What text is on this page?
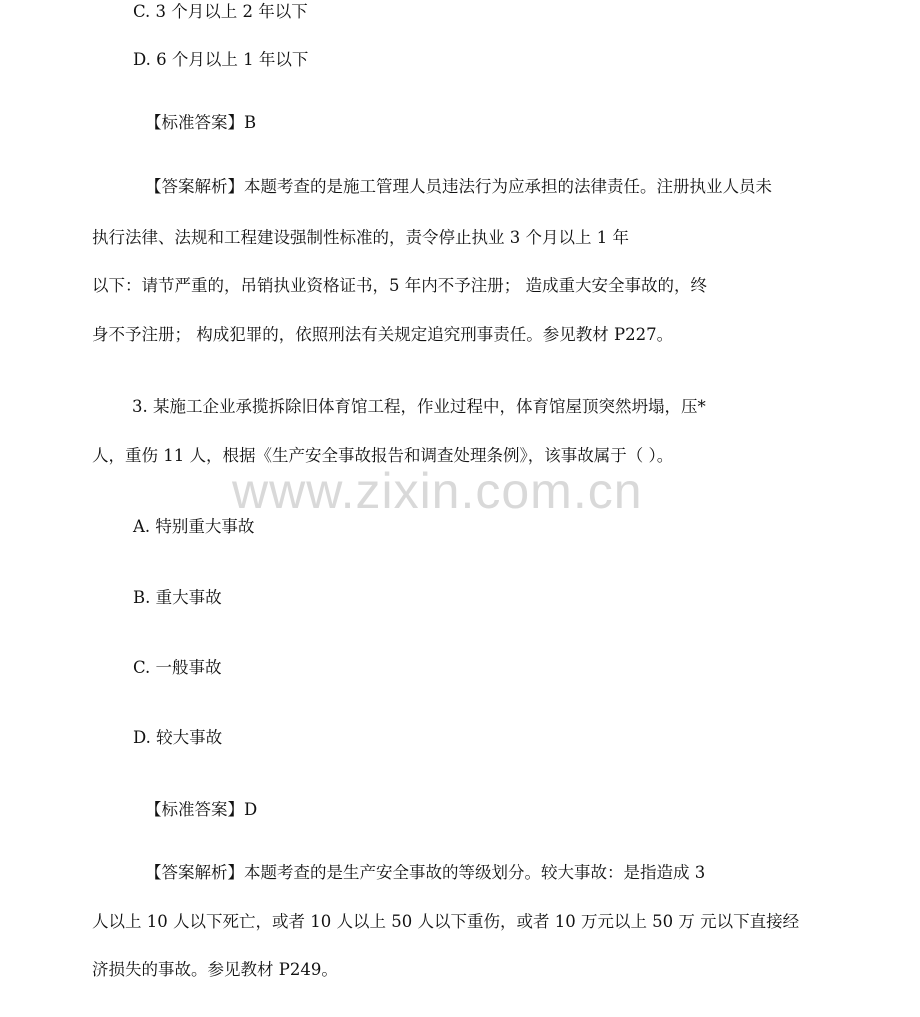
C. 3 个月以上 2 年以下
D. 6 个月以上 1 年以下
【标准答案】B
【答案解析】本题考查的是施工管理人员违法行为应承担的法律责任。注册执业人员未
执行法律、法规和工程建设强制性标准的，责令停止执业 3 个月以上 1 年
以下：请节严重的，吊销执业资格证书，5 年内不予注册； 造成重大安全事故的，终
身不予注册； 构成犯罪的，依照刑法有关规定追究刑事责任。参见教材 P227。
3. 某施工企业承揽拆除旧体育馆工程，作业过程中，体育馆屋顶突然坍塌，压*
人，重伤 11 人，根据《生产安全事故报告和调查处理条例》，该事故属于（ ）。
www.zixin.com.cn
A. 特别重大事故
B. 重大事故
C. 一般事故
D. 较大事故
【标准答案】D
【答案解析】本题考查的是生产安全事故的等级划分。较大事故：是指造成 3
人以上 10 人以下死亡，或者 10 人以上 50 人以下重伤，或者 10 万元以上 50 万 元以下直接经
济损失的事故。参见教材 P249。
